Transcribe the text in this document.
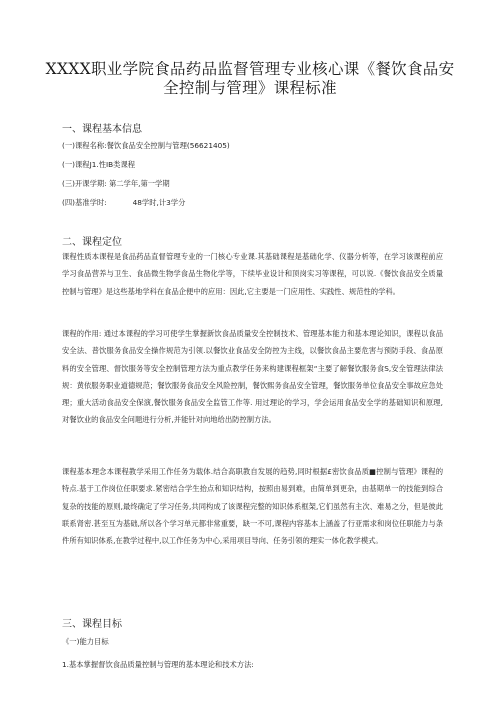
XXXX职业学院食品药品监督管理专业核心课《餐饮食品安全控制与管理》课程标准
一、课程基本信息
(一)课程名称:餐饮食品安全控制与管理(56621405)
(一)课程J1.性IB类课程
(三)开课学期: 第二学年,第一学期
(四)基准学时:	48学时,计3学分
二、课程定位
课程性质本课程是食品药品直督管理专业的一门核心专业课.其基础课程是基础化学、仪器分析等，在学习该课程前应学习食品营养与卫生、食品微生物学食品生物化学等，下续毕业设计和顶岗实习等课程，可以说.《餐饮食品安全质量控制与管理》是这些基地学科在食品企便中的应用：因此,它主要是一门应用性、实践性、规范性的学科。
课程的作用: 通过本课程的学习可使学生掌握新饮食品质量安全控制技术、管理基本能力和基本理论知识，课程以食品安全法、普饮服务食品安全操作规范为引领.以餐饮业食品安全防控为主线，以餐饮食品主要危害与预防手段、食品原料的安全管理、督饮服务等安全控制管理方法为重点教学任务来构建课程框架“主要了解餐饮服务食S,安全管理法律法规：黄依服务职业道德规范；餐饮服务食品安全风险控制，餐饮熙务食品安全管理，餐饮服务单位食品安全事故应急处理；重大活动食品安全保演,餐饮服务食品安全监管工作等. 用过理论的学习，学会运用食品安全学的基础知识和原理,对餐饮业的食品安全问题进行分析,并能针对向地给出防控制方法。
课程基本理念本课程教学采用工作任务为载体.结合高职教自发展的趋势,同时根据£密饮食品质■控制与管理》课程的特点.基于工作岗位任职要求.紧密结合学生抬点和知识结构，按照由易到难，由简单到更杂，由基期单一的技能到综合复杂的技能的原则,最终确定了学习任务,共同构成了该课程完整的知识体系框架,它们虽然有主次、难易之分，但是彼此联系肾密.甚至互为基础,所以各个学习单元都非常重要，缺一不可,课程内容基本上涵盖了行亚需求和岗位任职能力与条件所有知识体系,在教学过程中,以工作任务为中心,采用项目导向、任务引领的理实一体化教学模式。
三、课程目标
《一)能力目标
1.基本掌握督饮食品质量控制与管理的基本理论和技术方法:
